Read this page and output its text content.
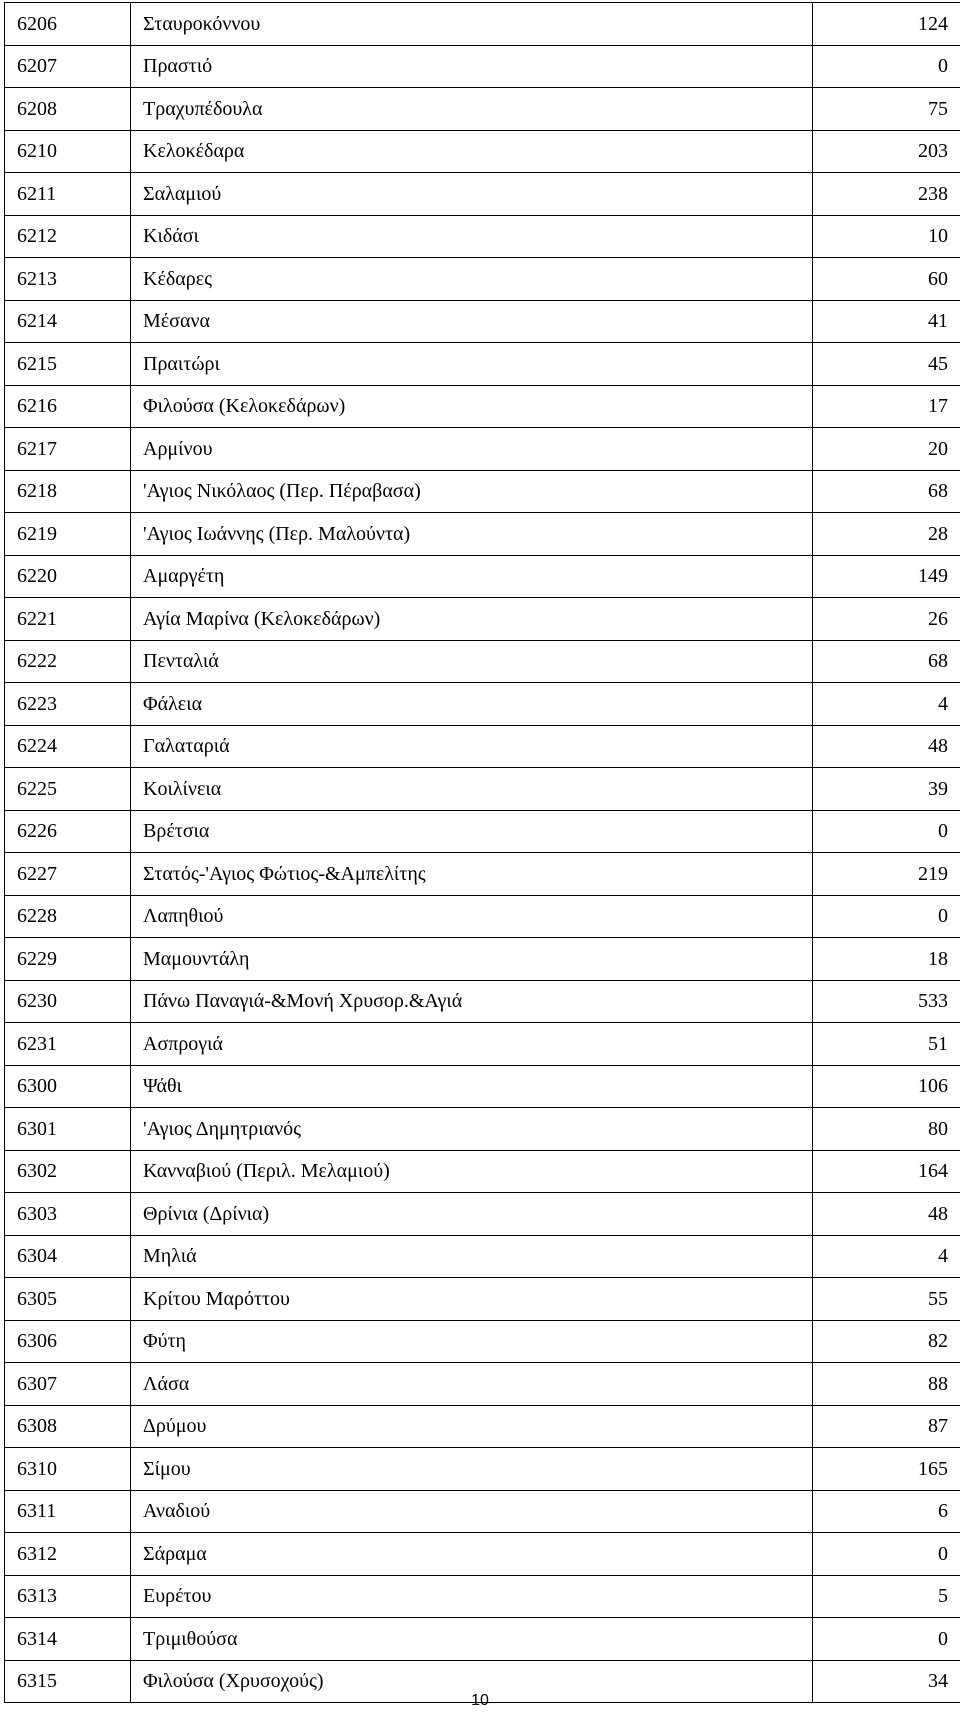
6206	Σταυροκόννου	124
6207	Πραστιό	0
6208	Τραχυπέδουλα	75
6210	Κελοκέδαρα	203
6211	Σαλαμιού	238
6212	Κιδάσι	10
6213	Κέδαρες	60
6214	Μέσανα	41
6215	Πραιτώρι	45
6216	Φιλούσα (Κελοκεδάρων)	17
6217	Αρμίνου	20
6218	'Αγιος Νικόλαος (Περ. Πέραβασα)	68
6219	'Αγιος Ιωάννης (Περ. Μαλούντα)	28
6220	Αμαργέτη	149
6221	Αγία Μαρίνα (Κελοκεδάρων)	26
6222	Πενταλιά	68
6223	Φάλεια	4
6224	Γαλαταριά	48
6225	Κοιλίνεια	39
6226	Βρέτσια	0
6227	Στατός-'Αγιος Φώτιος-&Αμπελίτης	219
6228	Λαπηθιού	0
6229	Μαμουντάλη	18
6230	Πάνω Παναγιά-&Μονή Χρυσορ.&Αγιά	533
6231	Ασπρογιά	51
6300	Ψάθι	106
6301	'Αγιος Δημητριανός	80
6302	Κανναβιού (Περιλ. Μελαμιού)	164
6303	Θρίνια (Δρίνια)	48
6304	Μηλιά	4
6305	Κρίτου Μαρόττου	55
6306	Φύτη	82
6307	Λάσα	88
6308	Δρύμου	87
6310	Σίμου	165
6311	Αναδιού	6
6312	Σάραμα	0
6313	Ευρέτου	5
6314	Τριμιθούσα	0
6315	Φιλούσα (Χρυσοχούς)	34
10
